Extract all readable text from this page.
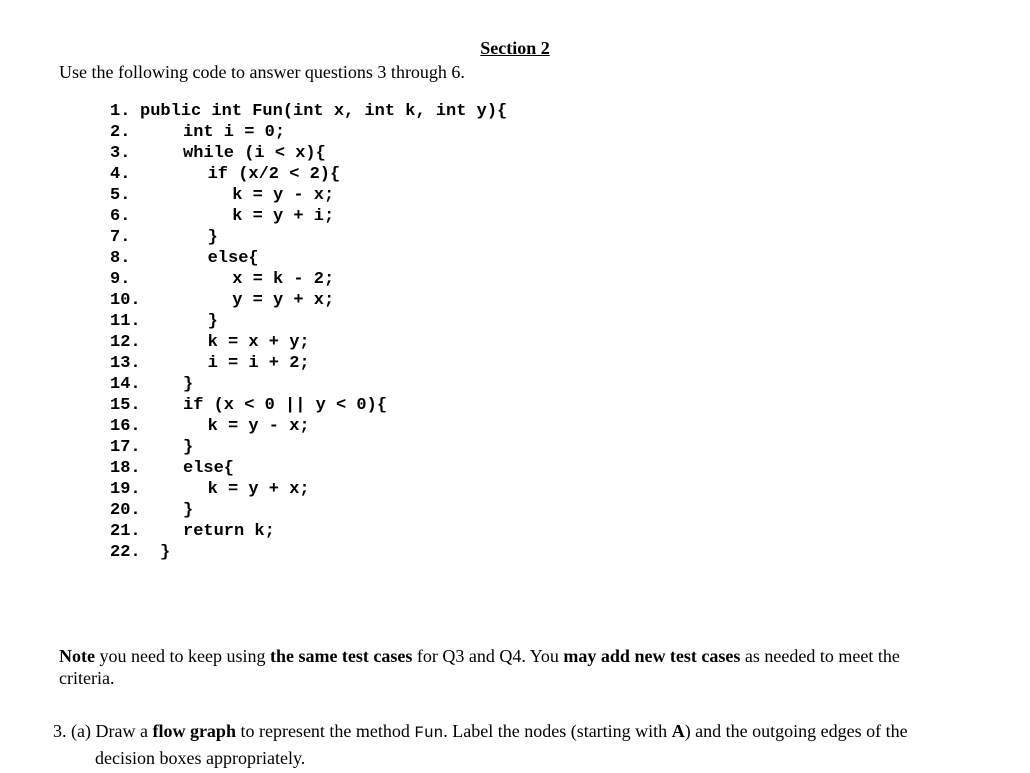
Section 2
Use the following code to answer questions 3 through 6.
1. public int Fun(int x, int k, int y){
2.	int i = 0;
3.	while (i < x){
4.	if (x/2 < 2){
5.	k = y - x;
6.	k = y + i;
7.	}
8.	else{
9.	x = k - 2;
10.	y = y + x;
11.	}
12.	k = x + y;
13.	i = i + 2;
14.	}
15.	if (x < 0 || y < 0){
16.	k = y - x;
17.	}
18.	else{
19.	k = y + x;
20.	}
21.	return k;
22.	}
Note you need to keep using the same test cases for Q3 and Q4. You may add new test cases as needed to meet the criteria.
3. (a) Draw a flow graph to represent the method Fun. Label the nodes (starting with A) and the outgoing edges of the
decision boxes appropriately.
